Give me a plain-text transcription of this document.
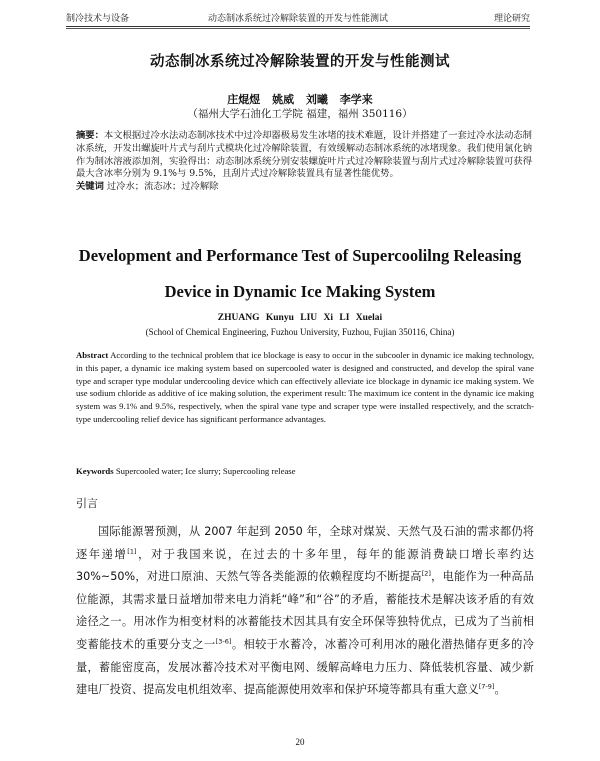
制冷技术与设备	动态制冰系统过冷解除装置的开发与性能测试	理论研究
动态制冰系统过冷解除装置的开发与性能测试
庄焜煜 姚威 刘曦 李学来
（福州大学石油化工学院 福建，福州 350116）
摘要：本文根据过冷水法动态制冰技术中过冷却器极易发生冰堵的技术难题，设计并搭建了一套过冷水法动态制冰系统，开发出螺旋叶片式与刮片式模块化过冷解除装置，有效缓解动态制冰系统的冰堵现象。我们使用氯化钠作为制冰溶液添加剂，实验得出：动态制冰系统分别安装螺旋叶片式过冷解除装置与刮片式过冷解除装置可获得最大含冰率分别为 9.1%与 9.5%，且刮片式过冷解除装置具有显著性能优势。
关键词 过冷水；流态冰；过冷解除
Development and Performance Test of Supercoolilng Releasing Device in Dynamic Ice Making System
ZHUANG Kunyu LIU Xi LI Xuelai
(School of Chemical Engineering, Fuzhou University, Fuzhou, Fujian 350116, China)
Abstract According to the technical problem that ice blockage is easy to occur in the subcooler in dynamic ice making technology, in this paper, a dynamic ice making system based on supercooled water is designed and constructed, and develop the spiral vane type and scraper type modular undercooling device which can effectively alleviate ice blockage in dynamic ice making system. We use sodium chloride as additive of ice making solution, the experiment result: The maximum ice content in the dynamic ice making system was 9.1% and 9.5%, respectively, when the spiral vane type and scraper type were installed respectively, and the scratch-type undercooling relief device has significant performance advantages.
Keywords Supercooled water; Ice slurry; Supercooling release
引言
国际能源署预测，从 2007 年起到 2050 年，全球对煤炭、天然气及石油的需求都仍将逐年递增[1]，对于我国来说，在过去的十多年里，每年的能源消费缺口增长率约达 30%~50%，对进口原油、天然气等各类能源的依赖程度均不断提高[2]，电能作为一种高品位能源，其需求量日益增加带来电力消耗“峰”和“谷”的矛盾，蓄能技术是解决该矛盾的有效途径之一。用冰作为相变材料的冰蓄能技术因其具有安全环保等独特优点，已成为了当前相变蓄能技术的重要分支之一[3-6]。相较于水蓄冷，冰蓄冷可利用冰的融化潜热储存更多的冷量，蓄能密度高，发展冰蓄冷技术对平衡电网、缓解高峰电力压力、降低装机容量、减少新建电厂投资、提高发电机组效率、提高能源使用效率和保护环境等都具有重大意义[7-9]。
20
